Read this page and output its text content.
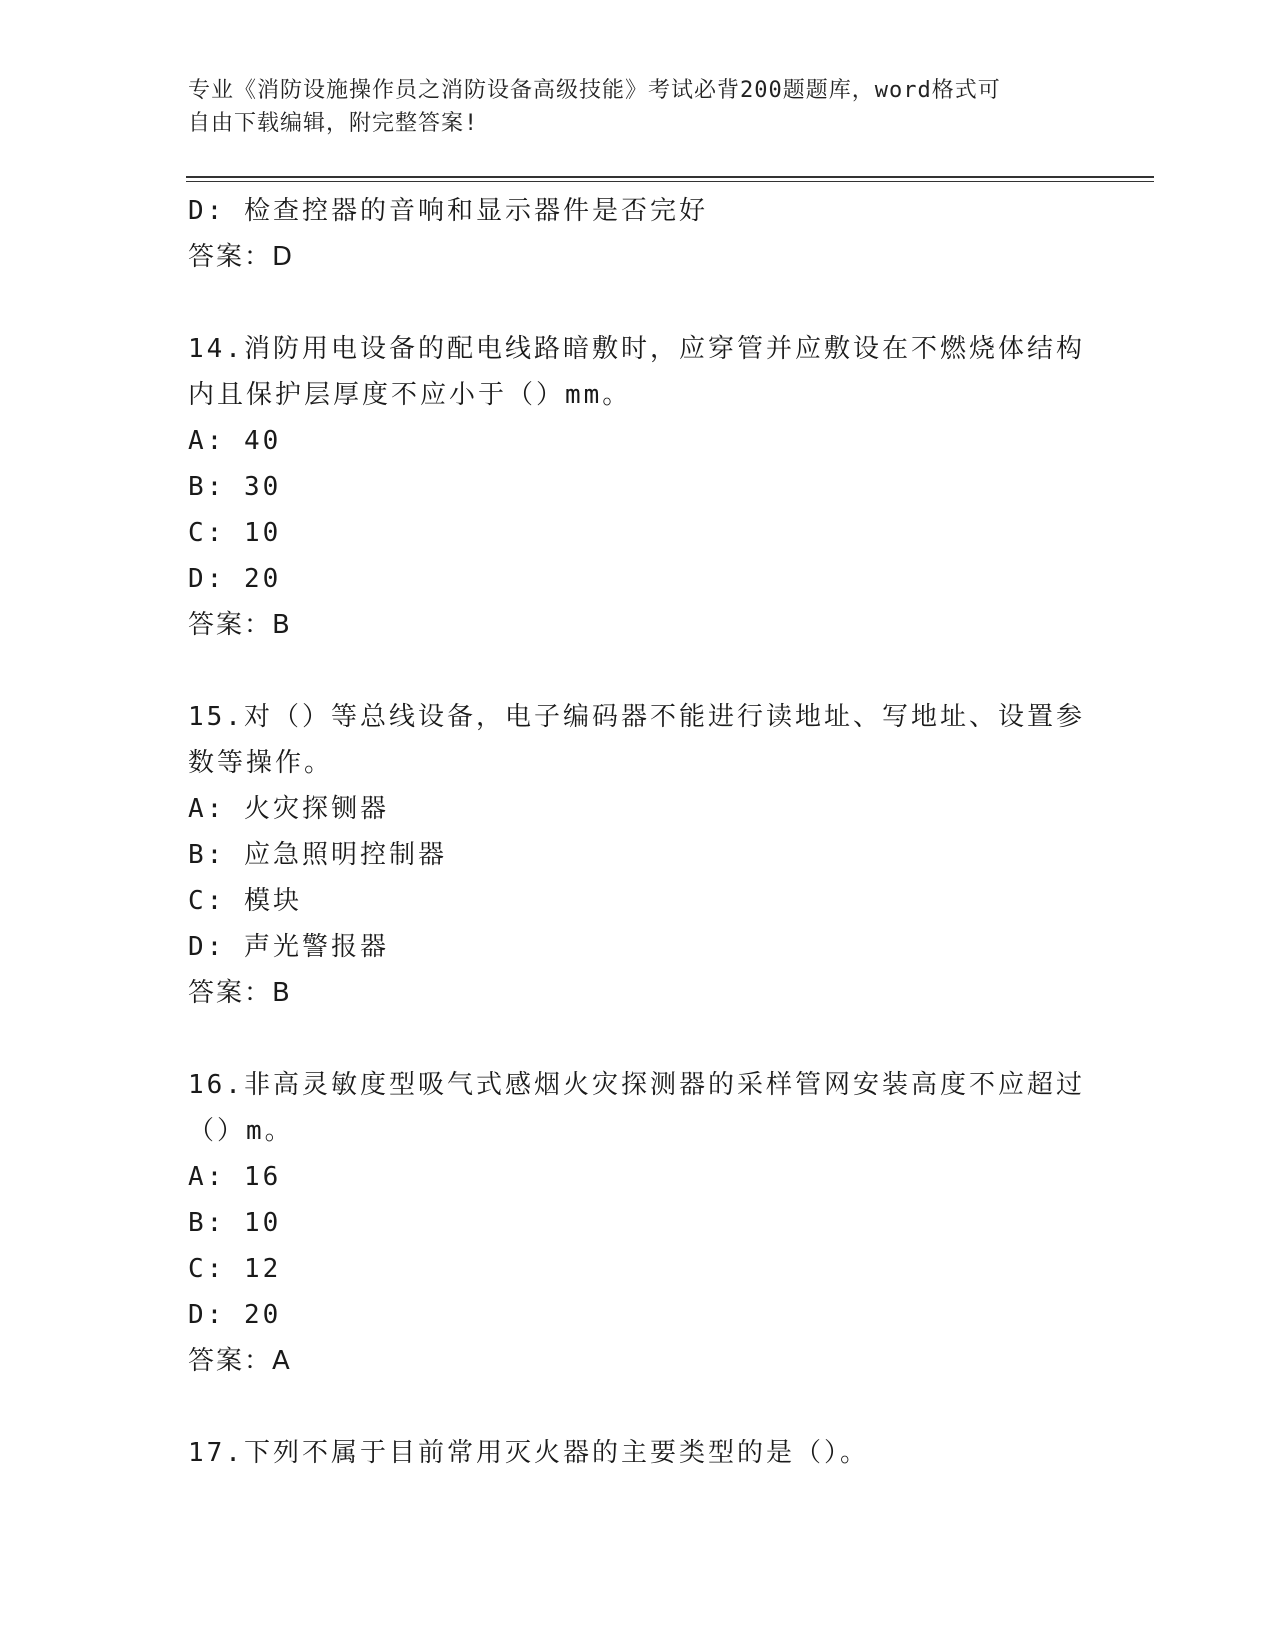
专业《消防设施操作员之消防设备高级技能》考试必背200题题库，word格式可
自由下载编辑，附完整答案!
D: 检查控器的音响和显示器件是否完好
答案：D
14.消防用电设备的配电线路暗敷时，应穿管并应敷设在不燃烧体结构
内且保护层厚度不应小于（）mm。
A: 40
B: 30
C: 10
D: 20
答案：B
15.对（）等总线设备，电子编码器不能进行读地址、写地址、设置参
数等操作。
A: 火灾探铡器
B: 应急照明控制器
C: 模块
D: 声光警报器
答案：B
16.非高灵敏度型吸气式感烟火灾探测器的采样管网安装高度不应超过
（）m。
A: 16
B: 10
C: 12
D: 20
答案：A
17.下列不属于目前常用灭火器的主要类型的是（）。
